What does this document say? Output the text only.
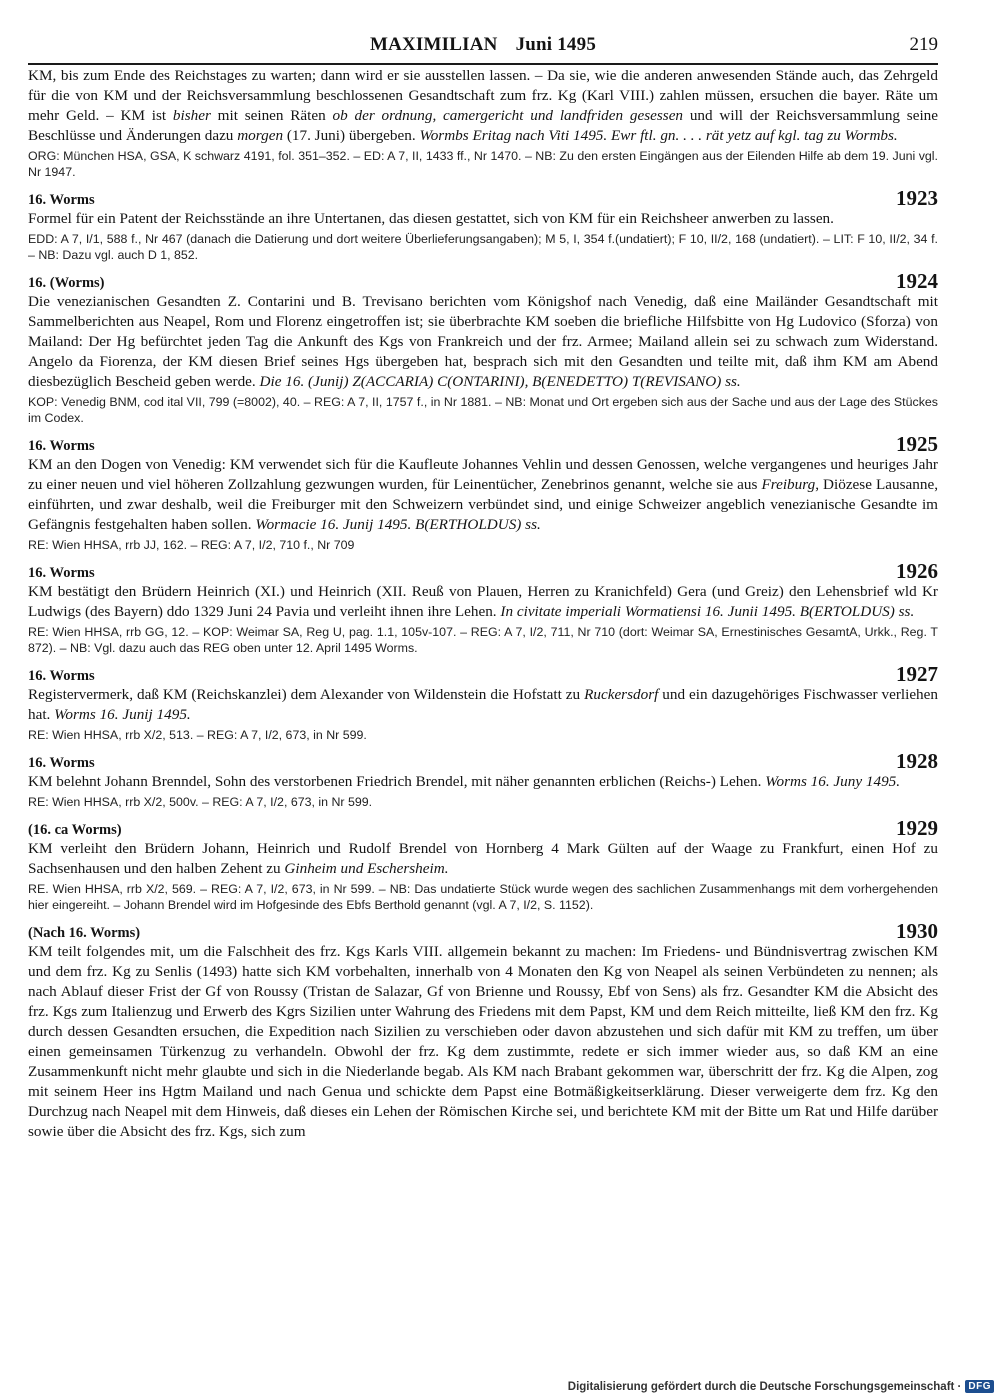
MAXIMILIAN Juni 1495	219

KM, bis zum Ende des Reichstages zu warten; dann wird er sie ausstellen lassen. – Da sie, wie die anderen anwesenden Stände auch, das Zehrgeld für die von KM und der Reichsversammlung beschlossenen Gesandtschaft zum frz. Kg (Karl VIII.) zahlen müssen, ersuchen die bayer. Räte um mehr Geld. – KM ist bisher mit seinen Räten ob der ordnung, camergericht und landfriden gesessen und will der Reichsversammlung seine Beschlüsse und Änderungen dazu morgen (17. Juni) übergeben. Wormbs Eritag nach Viti 1495. Ewr ftl. gn. . . . rät yetz auf kgl. tag zu Wormbs.

ORG: München HSA, GSA, K schwarz 4191, fol. 351–352. – ED: A 7, II, 1433 ff., Nr 1470. – NB: Zu den ersten Eingängen aus der Eilenden Hilfe ab dem 19. Juni vgl. Nr 1947.

16. Worms	1923

Formel für ein Patent der Reichsstände an ihre Untertanen, das diesen gestattet, sich von KM für ein Reichsheer anwerben zu lassen.

EDD: A 7, I/1, 588 f., Nr 467 (danach die Datierung und dort weitere Überlieferungsangaben); M 5, I, 354 f.(undatiert); F 10, II/2, 168 (undatiert). – LIT: F 10, II/2, 34 f. – NB: Dazu vgl. auch D 1, 852.

16. (Worms)	1924

Die venezianischen Gesandten Z. Contarini und B. Trevisano berichten vom Königshof nach Venedig, daß eine Mailänder Gesandtschaft mit Sammelberichten aus Neapel, Rom und Florenz eingetroffen ist; sie überbrachte KM soeben die briefliche Hilfsbitte von Hg Ludovico (Sforza) von Mailand: Der Hg befürchtet jeden Tag die Ankunft des Kgs von Frankreich und der frz. Armee; Mailand allein sei zu schwach zum Widerstand. Angelo da Fiorenza, der KM diesen Brief seines Hgs übergeben hat, besprach sich mit den Gesandten und teilte mit, daß ihm KM am Abend diesbezüglich Bescheid geben werde. Die 16. (Junij) Z(ACCARIA) C(ONTARINI), B(ENEDETTO) T(REVISANO) ss.

KOP: Venedig BNM, cod ital VII, 799 (=8002), 40. – REG: A 7, II, 1757 f., in Nr 1881. – NB: Monat und Ort ergeben sich aus der Sache und aus der Lage des Stückes im Codex.

16. Worms	1925

KM an den Dogen von Venedig: KM verwendet sich für die Kaufleute Johannes Vehlin und dessen Genossen, welche vergangenes und heuriges Jahr zu einer neuen und viel höheren Zollzahlung gezwungen wurden, für Leinentücher, Zenebrinos genannt, welche sie aus Freiburg, Diözese Lausanne, einführten, und zwar deshalb, weil die Freiburger mit den Schweizern verbündet sind, und einige Schweizer angeblich venezianische Gesandte im Gefängnis festgehalten haben sollen. Wormacie 16. Junij 1495. B(ERTHOLDUS) ss.

RE: Wien HHSA, rrb JJ, 162. – REG: A 7, I/2, 710 f., Nr 709

16. Worms	1926

KM bestätigt den Brüdern Heinrich (XI.) und Heinrich (XII. Reuß von Plauen, Herren zu Kranichfeld) Gera (und Greiz) den Lehensbrief wld Kr Ludwigs (des Bayern) ddo 1329 Juni 24 Pavia und verleiht ihnen ihre Lehen. In civitate imperiali Wormatiensi 16. Junii 1495. B(ERTOLDUS) ss.

RE: Wien HHSA, rrb GG, 12. – KOP: Weimar SA, Reg U, pag. 1.1, 105v-107. – REG: A 7, I/2, 711, Nr 710 (dort: Weimar SA, Ernestinisches GesamtA, Urkk., Reg. T 872). – NB: Vgl. dazu auch das REG oben unter 12. April 1495 Worms.

16. Worms	1927

Registervermerk, daß KM (Reichskanzlei) dem Alexander von Wildenstein die Hofstatt zu Ruckersdorf und ein dazugehöriges Fischwasser verliehen hat. Worms 16. Junij 1495.

RE: Wien HHSA, rrb X/2, 513. – REG: A 7, I/2, 673, in Nr 599.

16. Worms	1928

KM belehnt Johann Brenndel, Sohn des verstorbenen Friedrich Brendel, mit näher genannten erblichen (Reichs-) Lehen. Worms 16. Juny 1495.

RE: Wien HHSA, rrb X/2, 500v. – REG: A 7, I/2, 673, in Nr 599.

(16. ca Worms)	1929

KM verleiht den Brüdern Johann, Heinrich und Rudolf Brendel von Hornberg 4 Mark Gülten auf der Waage zu Frankfurt, einen Hof zu Sachsenhausen und den halben Zehent zu Ginheim und Eschersheim.

RE. Wien HHSA, rrb X/2, 569. – REG: A 7, I/2, 673, in Nr 599. – NB: Das undatierte Stück wurde wegen des sachlichen Zusammenhangs mit dem vorhergehenden hier eingereiht. – Johann Brendel wird im Hofgesinde des Ebfs Berthold genannt (vgl. A 7, I/2, S. 1152).

(Nach 16. Worms)	1930

KM teilt folgendes mit, um die Falschheit des frz. Kgs Karls VIII. allgemein bekannt zu machen: Im Friedens- und Bündnisvertrag zwischen KM und dem frz. Kg zu Senlis (1493) hatte sich KM vorbehalten, innerhalb von 4 Monaten den Kg von Neapel als seinen Verbündeten zu nennen; als nach Ablauf dieser Frist der Gf von Roussy (Tristan de Salazar, Gf von Brienne und Roussy, Ebf von Sens) als frz. Gesandter KM die Absicht des frz. Kgs zum Italienzug und Erwerb des Kgrs Sizilien unter Wahrung des Friedens mit dem Papst, KM und dem Reich mitteilte, ließ KM den frz. Kg durch dessen Gesandten ersuchen, die Expedition nach Sizilien zu verschieben oder davon abzustehen und sich dafür mit KM zu treffen, um über einen gemeinsamen Türkenzug zu verhandeln. Obwohl der frz. Kg dem zustimmte, redete er sich immer wieder aus, so daß KM an eine Zusammenkunft nicht mehr glaubte und sich in die Niederlande begab. Als KM nach Brabant gekommen war, überschritt der frz. Kg die Alpen, zog mit seinem Heer ins Hgtm Mailand und nach Genua und schickte dem Papst eine Botmäßigkeitserklärung. Dieser verweigerte dem frz. Kg den Durchzug nach Neapel mit dem Hinweis, daß dieses ein Lehen der Römischen Kirche sei, und berichtete KM mit der Bitte um Rat und Hilfe darüber sowie über die Absicht des frz. Kgs, sich zum

Digitalisierung gefördert durch die Deutsche Forschungsgemeinschaft · DFG
